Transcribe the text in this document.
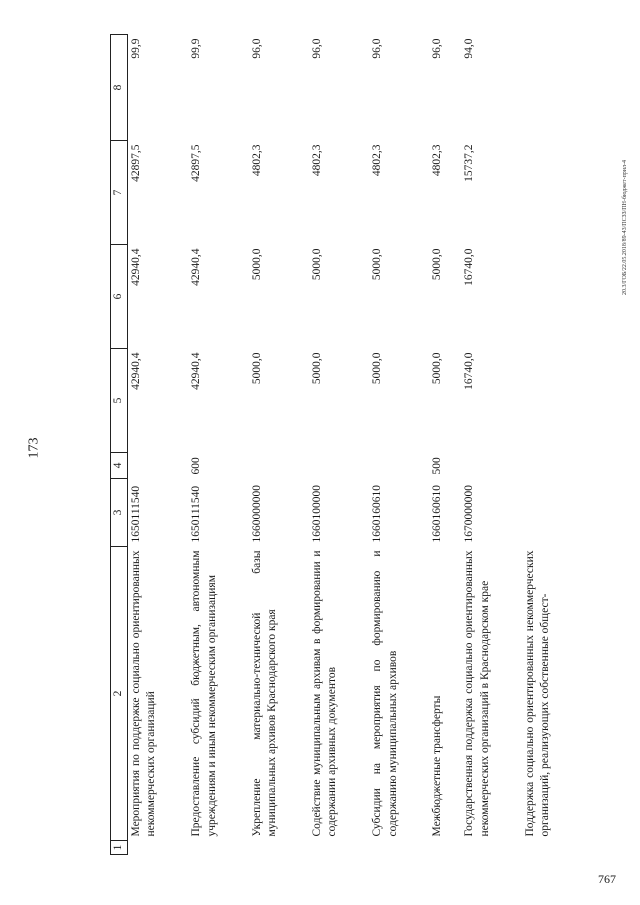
173
20.3/ГОБ/22.05.2018/89-43/ПСЗЗ/ПН-бюджет-прил-4
767
1	2	3	4	5	6	7	8
	Мероприятия по поддержке социально ориентированных некоммерческих организаций	1650111540		42940,4	42940,4	42897,5	99,9
	Предоставление субсидий бюджетным, автономным учреждениям и иным некоммерческим организациям	1650111540	600	42940,4	42940,4	42897,5	99,9
	Укрепление материально-технической базы муниципальных архивов Краснодарского края	1660000000		5000,0	5000,0	4802,3	96,0
	Содействие муниципальным архивам в формировании и содержании архивных документов	1660100000		5000,0	5000,0	4802,3	96,0
	Субсидии на мероприятия по формированию и содержанию муниципальных архивов	1660160610		5000,0	5000,0	4802,3	96,0
	Межбюджетные трансферты	1660160610	500	5000,0	5000,0	4802,3	96,0
	Государственная поддержка социально ориентированных некоммерческих организаций в Краснодарском крае	1670000000		16740,0	16740,0	15737,2	94,0
	Поддержка социально ориентированных некоммерческих организаций, реализующих собственные общест-						
